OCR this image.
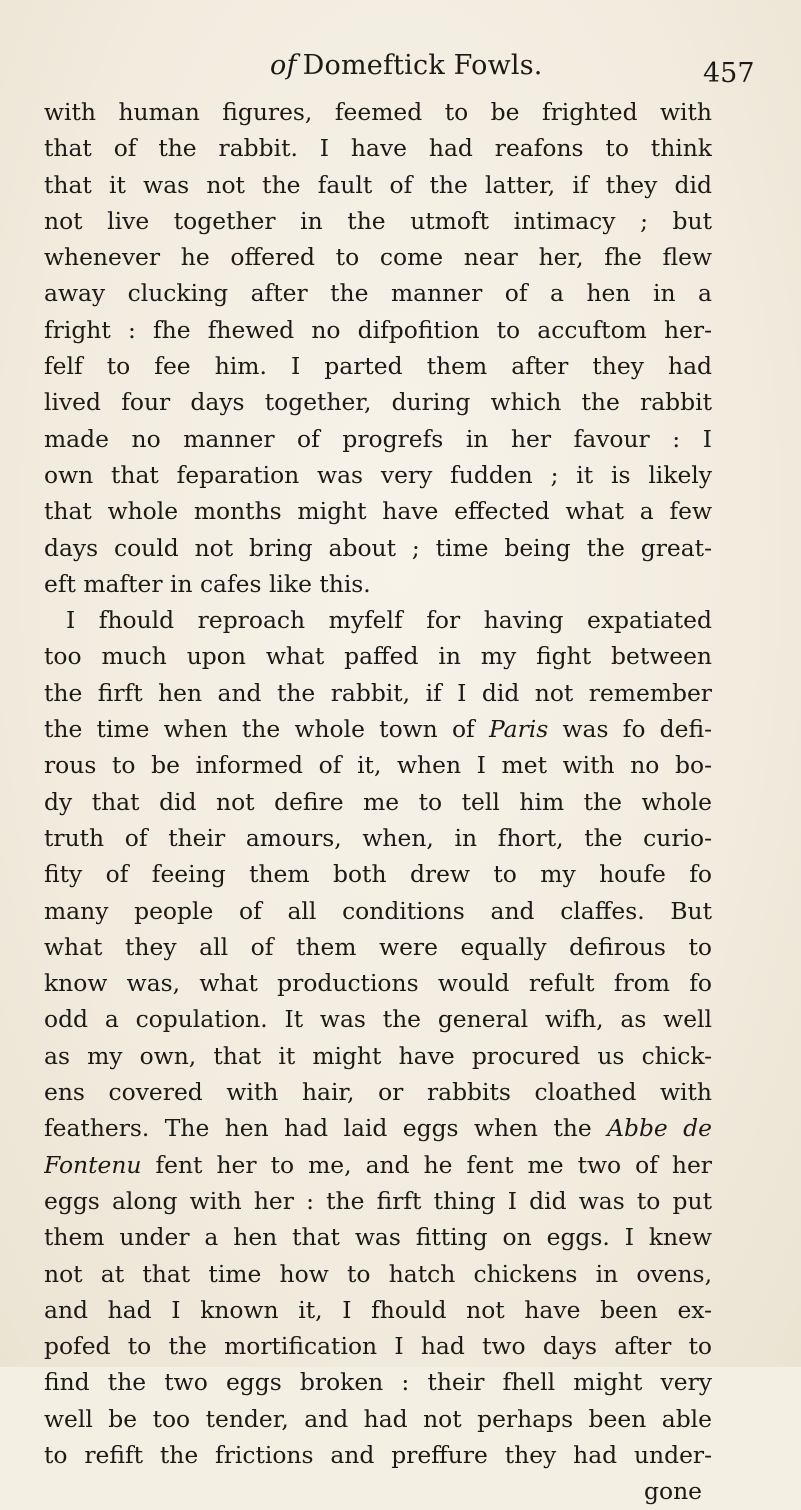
of Domeftick Fowls.	457
with human figures, feemed to be frighted with
that of the rabbit. I have had reafons to think
that it was not the fault of the latter, if they did
not live together in the utmoft intimacy ; but
whenever he offered to come near her, fhe flew
away clucking after the manner of a hen in a
fright : fhe fhewed no difpofition to accuftom her-
felf to fee him. I parted them after they had
lived four days together, during which the rabbit
made no manner of progrefs in her favour : I
own that feparation was very fudden ; it is likely
that whole months might have effected what a few
days could not bring about ; time being the great-
eft mafter in cafes like this.
I fhould reproach myfelf for having expatiated
too much upon what paffed in my fight between
the firft hen and the rabbit, if I did not remember
the time when the whole town of Paris was fo defi-
rous to be informed of it, when I met with no bo-
dy that did not defire me to tell him the whole
truth of their amours, when, in fhort, the curio-
fity of feeing them both drew to my houfe fo
many people of all conditions and claffes. But
what they all of them were equally defirous to
know was, what productions would refult from fo
odd a copulation. It was the general wifh, as well
as my own, that it might have procured us chick-
ens covered with hair, or rabbits cloathed with
feathers. The hen had laid eggs when the Abbe de
Fontenu fent her to me, and he fent me two of her
eggs along with her : the firft thing I did was to put
them under a hen that was fitting on eggs. I knew
not at that time how to hatch chickens in ovens,
and had I known it, I fhould not have been ex-
pofed to the mortification I had two days after to
find the two eggs broken : their fhell might very
well be too tender, and had not perhaps been able
to refift the frictions and preffure they had under-
gone
